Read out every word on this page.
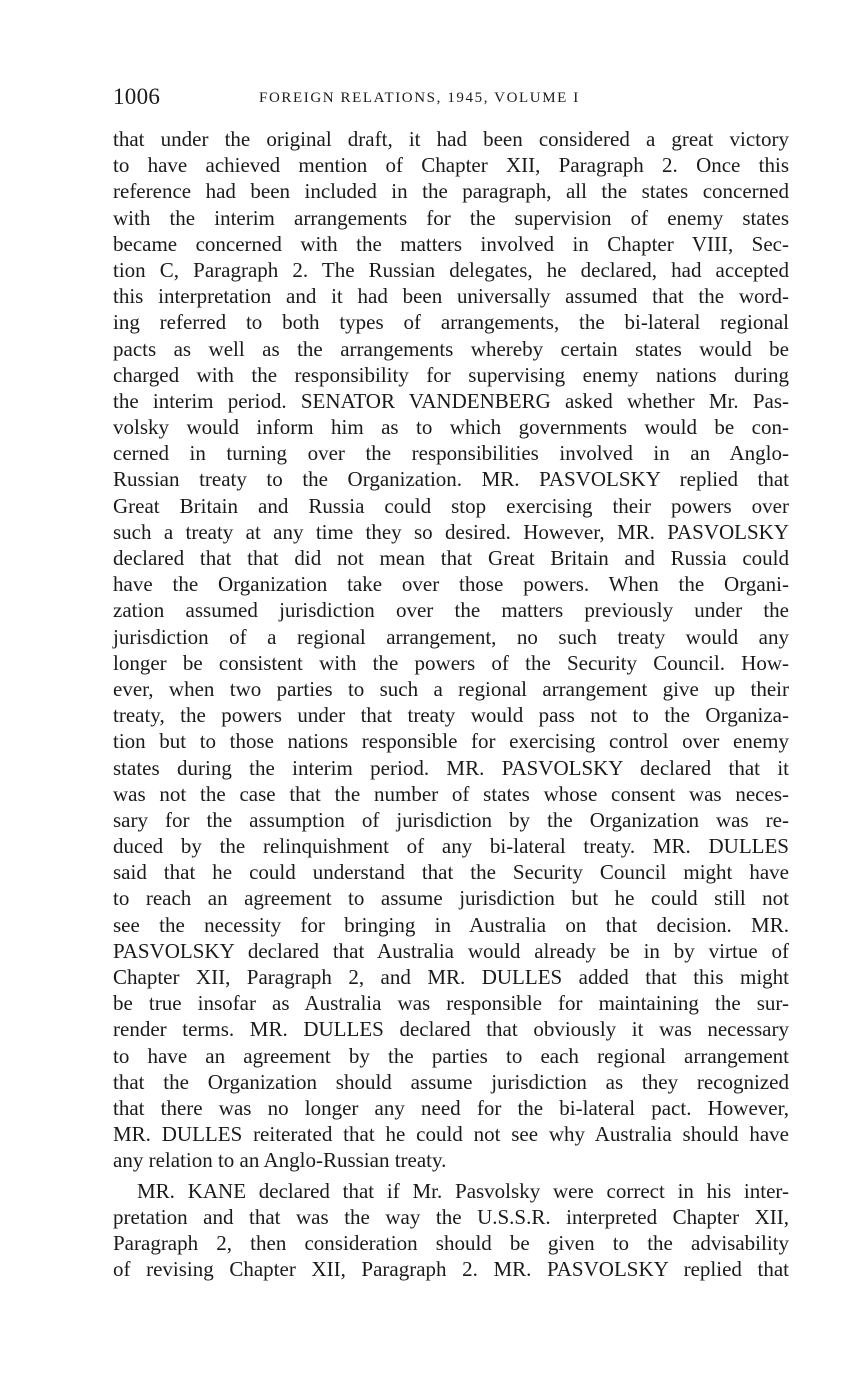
1006	FOREIGN RELATIONS, 1945, VOLUME I
that under the original draft, it had been considered a great victory
to have achieved mention of Chapter XII, Paragraph 2. Once this
reference had been included in the paragraph, all the states concerned
with the interim arrangements for the supervision of enemy states
became concerned with the matters involved in Chapter VIII, Sec-
tion C, Paragraph 2. The Russian delegates, he declared, had accepted
this interpretation and it had been universally assumed that the word-
ing referred to both types of arrangements, the bi-lateral regional
pacts as well as the arrangements whereby certain states would be
charged with the responsibility for supervising enemy nations during
the interim period. SENATOR VANDENBERG asked whether Mr. Pas-
volsky would inform him as to which governments would be con-
cerned in turning over the responsibilities involved in an Anglo-
Russian treaty to the Organization. MR. PASVOLSKY replied that
Great Britain and Russia could stop exercising their powers over
such a treaty at any time they so desired. However, MR. PASVOLSKY
declared that that did not mean that Great Britain and Russia could
have the Organization take over those powers. When the Organi-
zation assumed jurisdiction over the matters previously under the
jurisdiction of a regional arrangement, no such treaty would any
longer be consistent with the powers of the Security Council. How-
ever, when two parties to such a regional arrangement give up their
treaty, the powers under that treaty would pass not to the Organiza-
tion but to those nations responsible for exercising control over enemy
states during the interim period. MR. PASVOLSKY declared that it
was not the case that the number of states whose consent was neces-
sary for the assumption of jurisdiction by the Organization was re-
duced by the relinquishment of any bi-lateral treaty. MR. DULLES
said that he could understand that the Security Council might have
to reach an agreement to assume jurisdiction but he could still not
see the necessity for bringing in Australia on that decision. MR.
PASVOLSKY declared that Australia would already be in by virtue of
Chapter XII, Paragraph 2, and MR. DULLES added that this might
be true insofar as Australia was responsible for maintaining the sur-
render terms. MR. DULLES declared that obviously it was necessary
to have an agreement by the parties to each regional arrangement
that the Organization should assume jurisdiction as they recognized
that there was no longer any need for the bi-lateral pact. However,
MR. DULLES reiterated that he could not see why Australia should have
any relation to an Anglo-Russian treaty.
MR. KANE declared that if Mr. Pasvolsky were correct in his inter-
pretation and that was the way the U.S.S.R. interpreted Chapter XII,
Paragraph 2, then consideration should be given to the advisability
of revising Chapter XII, Paragraph 2. MR. PASVOLSKY replied that
